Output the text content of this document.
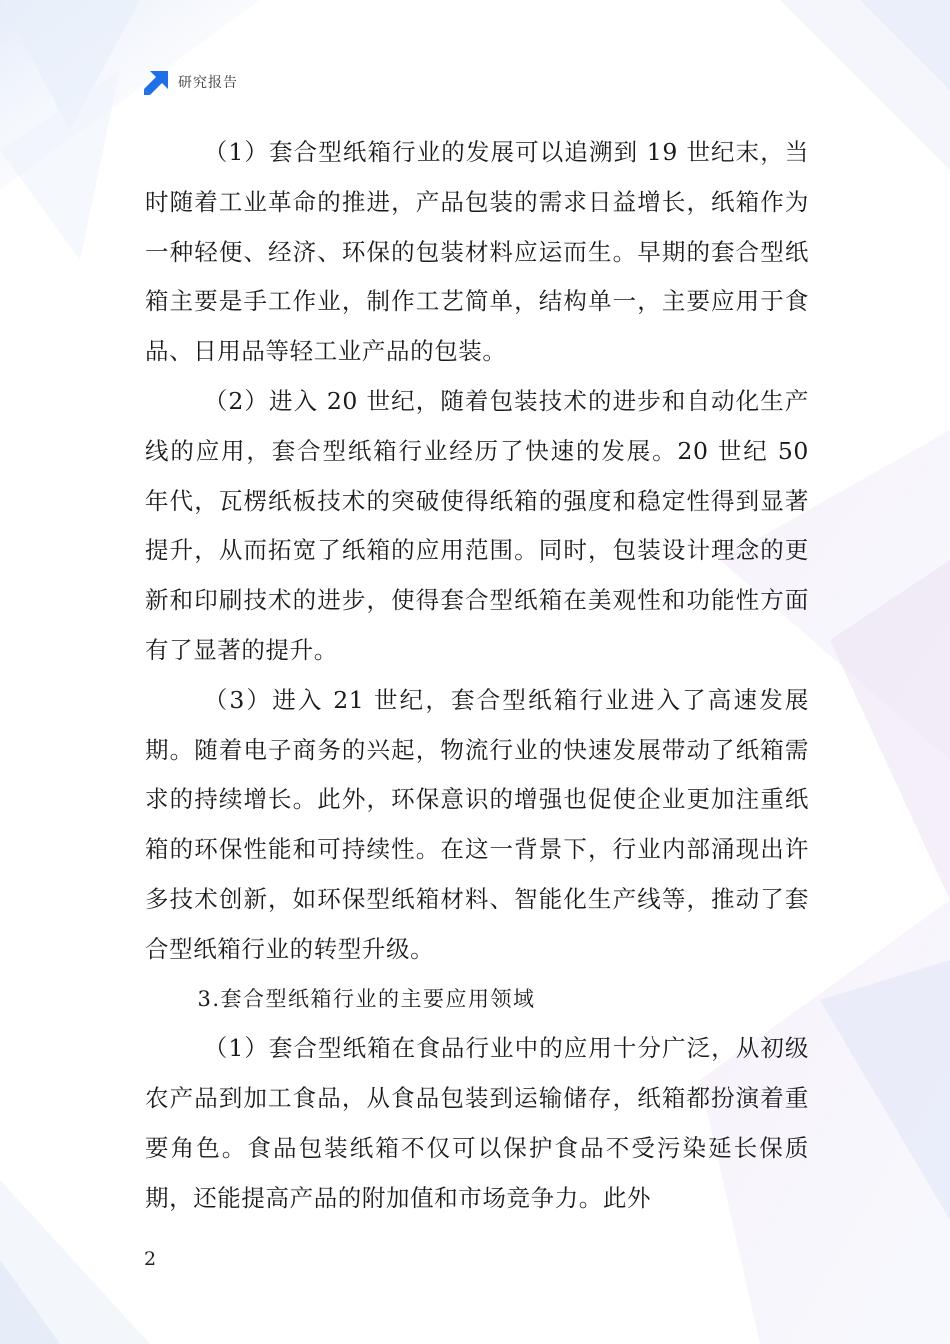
研究报告

（1）套合型纸箱行业的发展可以追溯到 19 世纪末，当时随着工业革命的推进，产品包装的需求日益增长，纸箱作为一种轻便、经济、环保的包装材料应运而生。早期的套合型纸箱主要是手工作业，制作工艺简单，结构单一，主要应用于食品、日用品等轻工业产品的包装。

（2）进入 20 世纪，随着包装技术的进步和自动化生产线的应用，套合型纸箱行业经历了快速的发展。20 世纪 50 年代，瓦楞纸板技术的突破使得纸箱的强度和稳定性得到显著提升，从而拓宽了纸箱的应用范围。同时，包装设计理念的更新和印刷技术的进步，使得套合型纸箱在美观性和功能性方面有了显著的提升。

（3）进入 21 世纪，套合型纸箱行业进入了高速发展期。随着电子商务的兴起，物流行业的快速发展带动了纸箱需求的持续增长。此外，环保意识的增强也促使企业更加注重纸箱的环保性能和可持续性。在这一背景下，行业内部涌现出许多技术创新，如环保型纸箱材料、智能化生产线等，推动了套合型纸箱行业的转型升级。

3.套合型纸箱行业的主要应用领域

（1）套合型纸箱在食品行业中的应用十分广泛，从初级农产品到加工食品，从食品包装到运输储存，纸箱都扮演着重要角色。食品包装纸箱不仅可以保护食品不受污染延长保质期，还能提高产品的附加值和市场竞争力。此外

2
